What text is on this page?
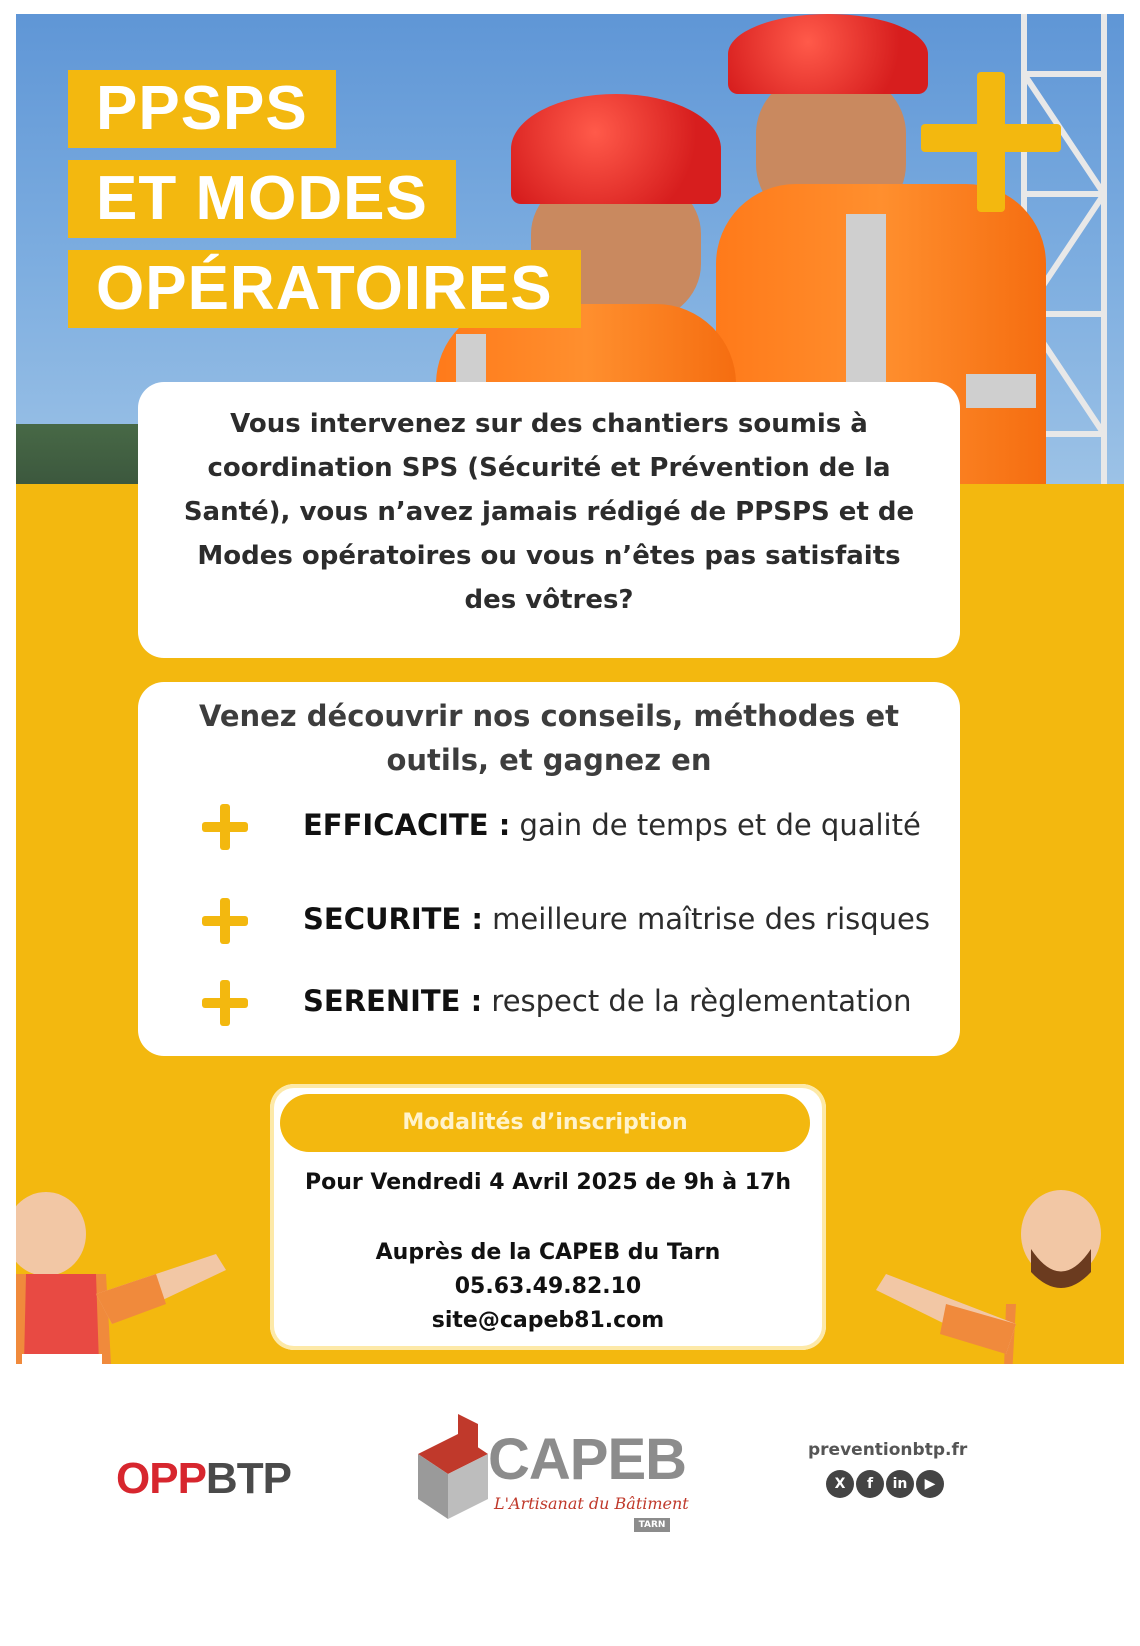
PPSPS
ET MODES
OPÉRATOIRES

Vous intervenez sur des chantiers soumis à coordination SPS (Sécurité et Prévention de la Santé), vous n’avez jamais rédigé de PPSPS et de Modes opératoires ou vous n’êtes pas satisfaits des vôtres?

Venez découvrir nos conseils, méthodes et outils, et gagnez en

EFFICACITE : gain de temps et de qualité
SECURITE : meilleure maîtrise des risques
SERENITE : respect de la règlementation
Modalités d’inscription
Pour Vendredi 4 Avril 2025 de 9h à 17h
Auprès de la CAPEB du Tarn
05.63.49.82.10
site@capeb81.com
OPPBTP	CAPEB
L'Artisanat du Bâtiment
TARN
preventionbtp.fr
X f in ▶
